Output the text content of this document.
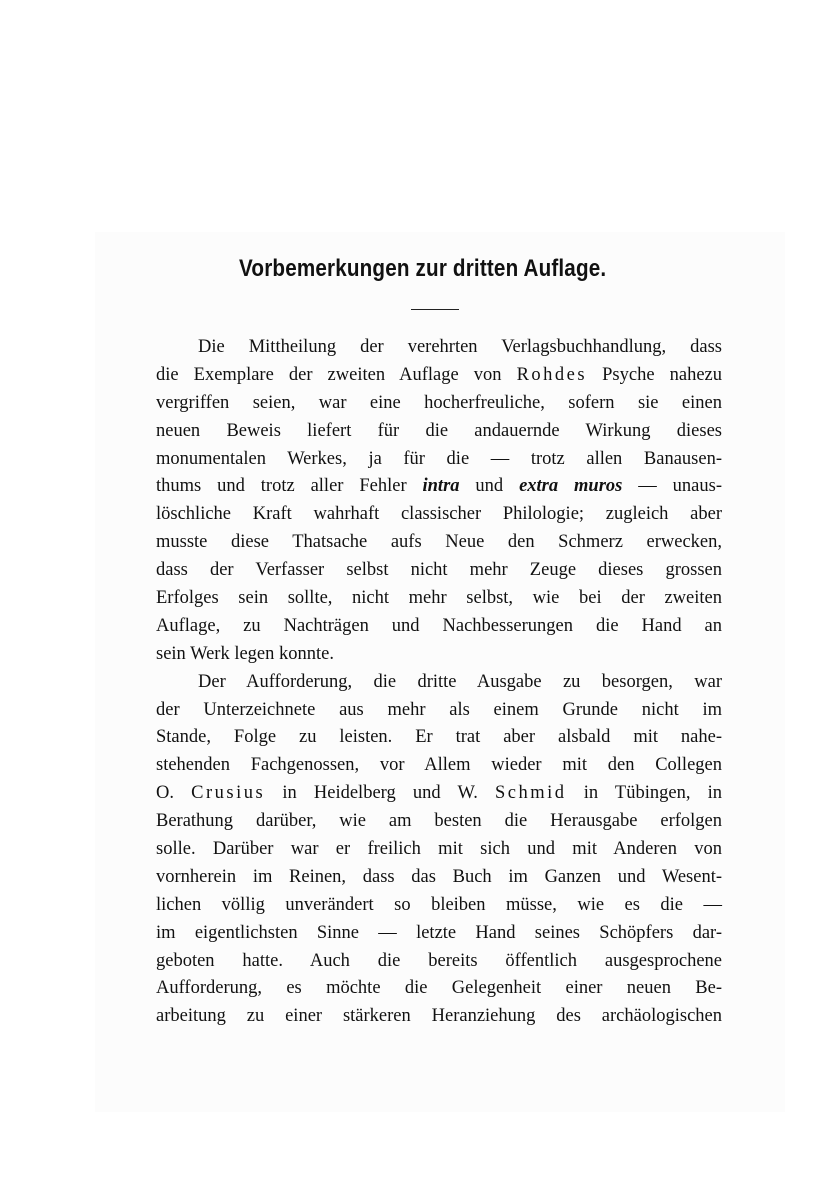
Vorbemerkungen zur dritten Auflage.
Die Mittheilung der verehrten Verlagsbuchhandlung, dass
die Exemplare der zweiten Auflage von Rohdes Psyche nahezu
vergriffen seien, war eine hocherfreuliche, sofern sie einen
neuen Beweis liefert für die andauernde Wirkung dieses
monumentalen Werkes, ja für die — trotz allen Banausen-
thums und trotz aller Fehler intra und extra muros — unaus-
löschliche Kraft wahrhaft classischer Philologie; zugleich aber
musste diese Thatsache aufs Neue den Schmerz erwecken,
dass der Verfasser selbst nicht mehr Zeuge dieses grossen
Erfolges sein sollte, nicht mehr selbst, wie bei der zweiten
Auflage, zu Nachträgen und Nachbesserungen die Hand an
sein Werk legen konnte.
Der Aufforderung, die dritte Ausgabe zu besorgen, war
der Unterzeichnete aus mehr als einem Grunde nicht im
Stande, Folge zu leisten. Er trat aber alsbald mit nahe-
stehenden Fachgenossen, vor Allem wieder mit den Collegen
O. Crusius in Heidelberg und W. Schmid in Tübingen, in
Berathung darüber, wie am besten die Herausgabe erfolgen
solle. Darüber war er freilich mit sich und mit Anderen von
vornherein im Reinen, dass das Buch im Ganzen und Wesent-
lichen völlig unverändert so bleiben müsse, wie es die —
im eigentlichsten Sinne — letzte Hand seines Schöpfers dar-
geboten hatte. Auch die bereits öffentlich ausgesprochene
Aufforderung, es möchte die Gelegenheit einer neuen Be-
arbeitung zu einer stärkeren Heranziehung des archäologischen
